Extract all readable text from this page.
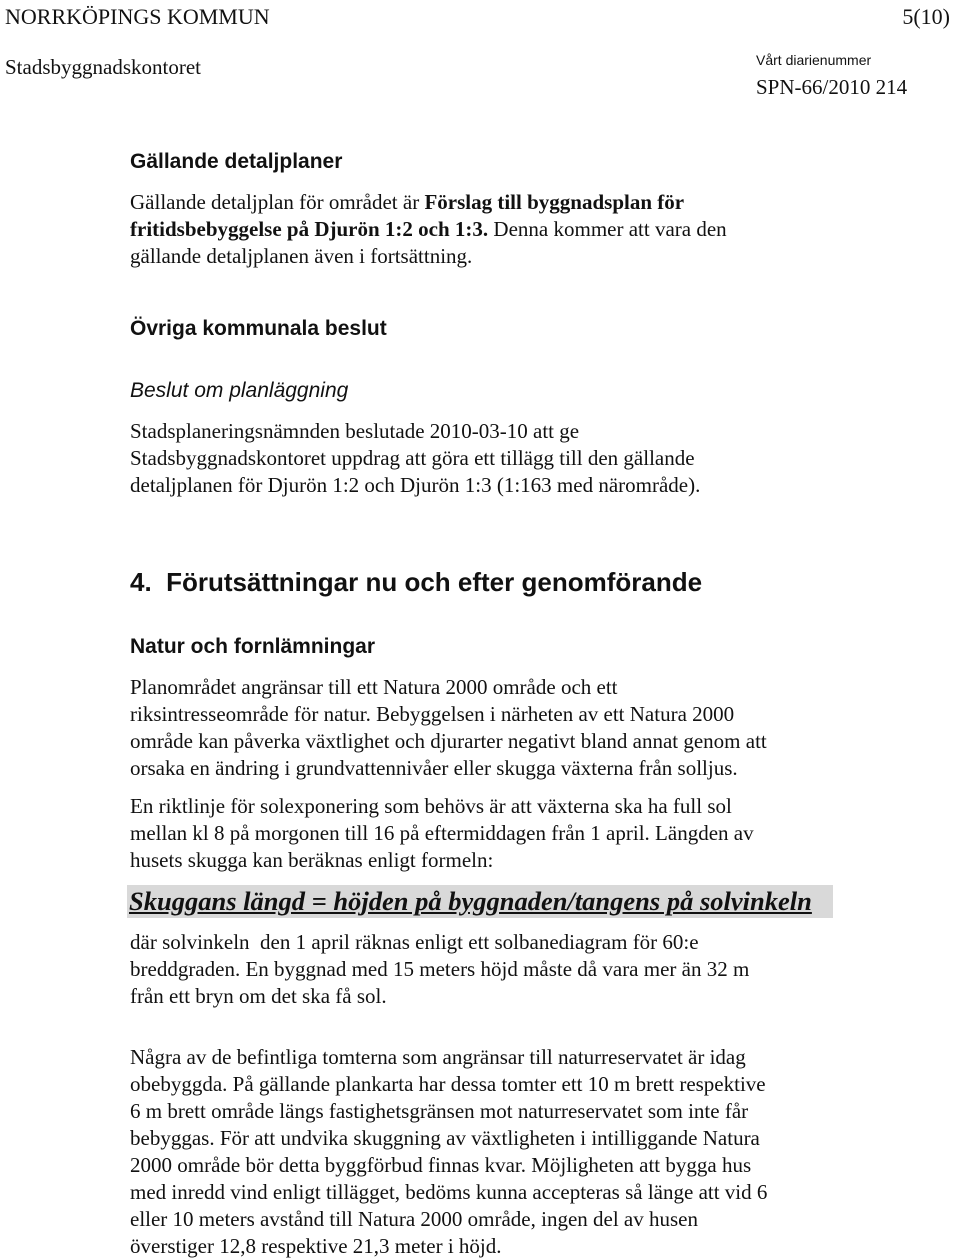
NORRKÖPINGS KOMMUN	5(10)
Stadsbyggnadskontoret	Vårt diarienummer
SPN-66/2010 214
Gällande detaljplaner
Gällande detaljplan för området är Förslag till byggnadsplan för
fritidsbebyggelse på Djurön 1:2 och 1:3. Denna kommer att vara den
gällande detaljplanen även i fortsättning.
Övriga kommunala beslut
Beslut om planläggning
Stadsplaneringsnämnden beslutade 2010-03-10 att ge
Stadsbyggnadskontoret uppdrag att göra ett tillägg till den gällande
detaljplanen för Djurön 1:2 och Djurön 1:3 (1:163 med närområde).
4.  Förutsättningar nu och efter genomförande
Natur och fornlämningar
Planområdet angränsar till ett Natura 2000 område och ett
riksintresseområde för natur. Bebyggelsen i närheten av ett Natura 2000
område kan påverka växtlighet och djurarter negativt bland annat genom att
orsaka en ändring i grundvattennivåer eller skugga växterna från solljus.
En riktlinje för solexponering som behövs är att växterna ska ha full sol
mellan kl 8 på morgonen till 16 på eftermiddagen från 1 april. Längden av
husets skugga kan beräknas enligt formeln:
Skuggans längd = höjden på byggnaden/tangens på solvinkeln
där solvinkeln  den 1 april räknas enligt ett solbanediagram för 60:e
breddgraden. En byggnad med 15 meters höjd måste då vara mer än 32 m
från ett bryn om det ska få sol.
Några av de befintliga tomterna som angränsar till naturreservatet är idag
obebyggda. På gällande plankarta har dessa tomter ett 10 m brett respektive
6 m brett område längs fastighetsgränsen mot naturreservatet som inte får
bebyggas. För att undvika skuggning av växtligheten i intilliggande Natura
2000 område bör detta byggförbud finnas kvar. Möjligheten att bygga hus
med inredd vind enligt tillägget, bedöms kunna accepteras så länge att vid 6
eller 10 meters avstånd till Natura 2000 område, ingen del av husen
överstiger 12,8 respektive 21,3 meter i höjd.
